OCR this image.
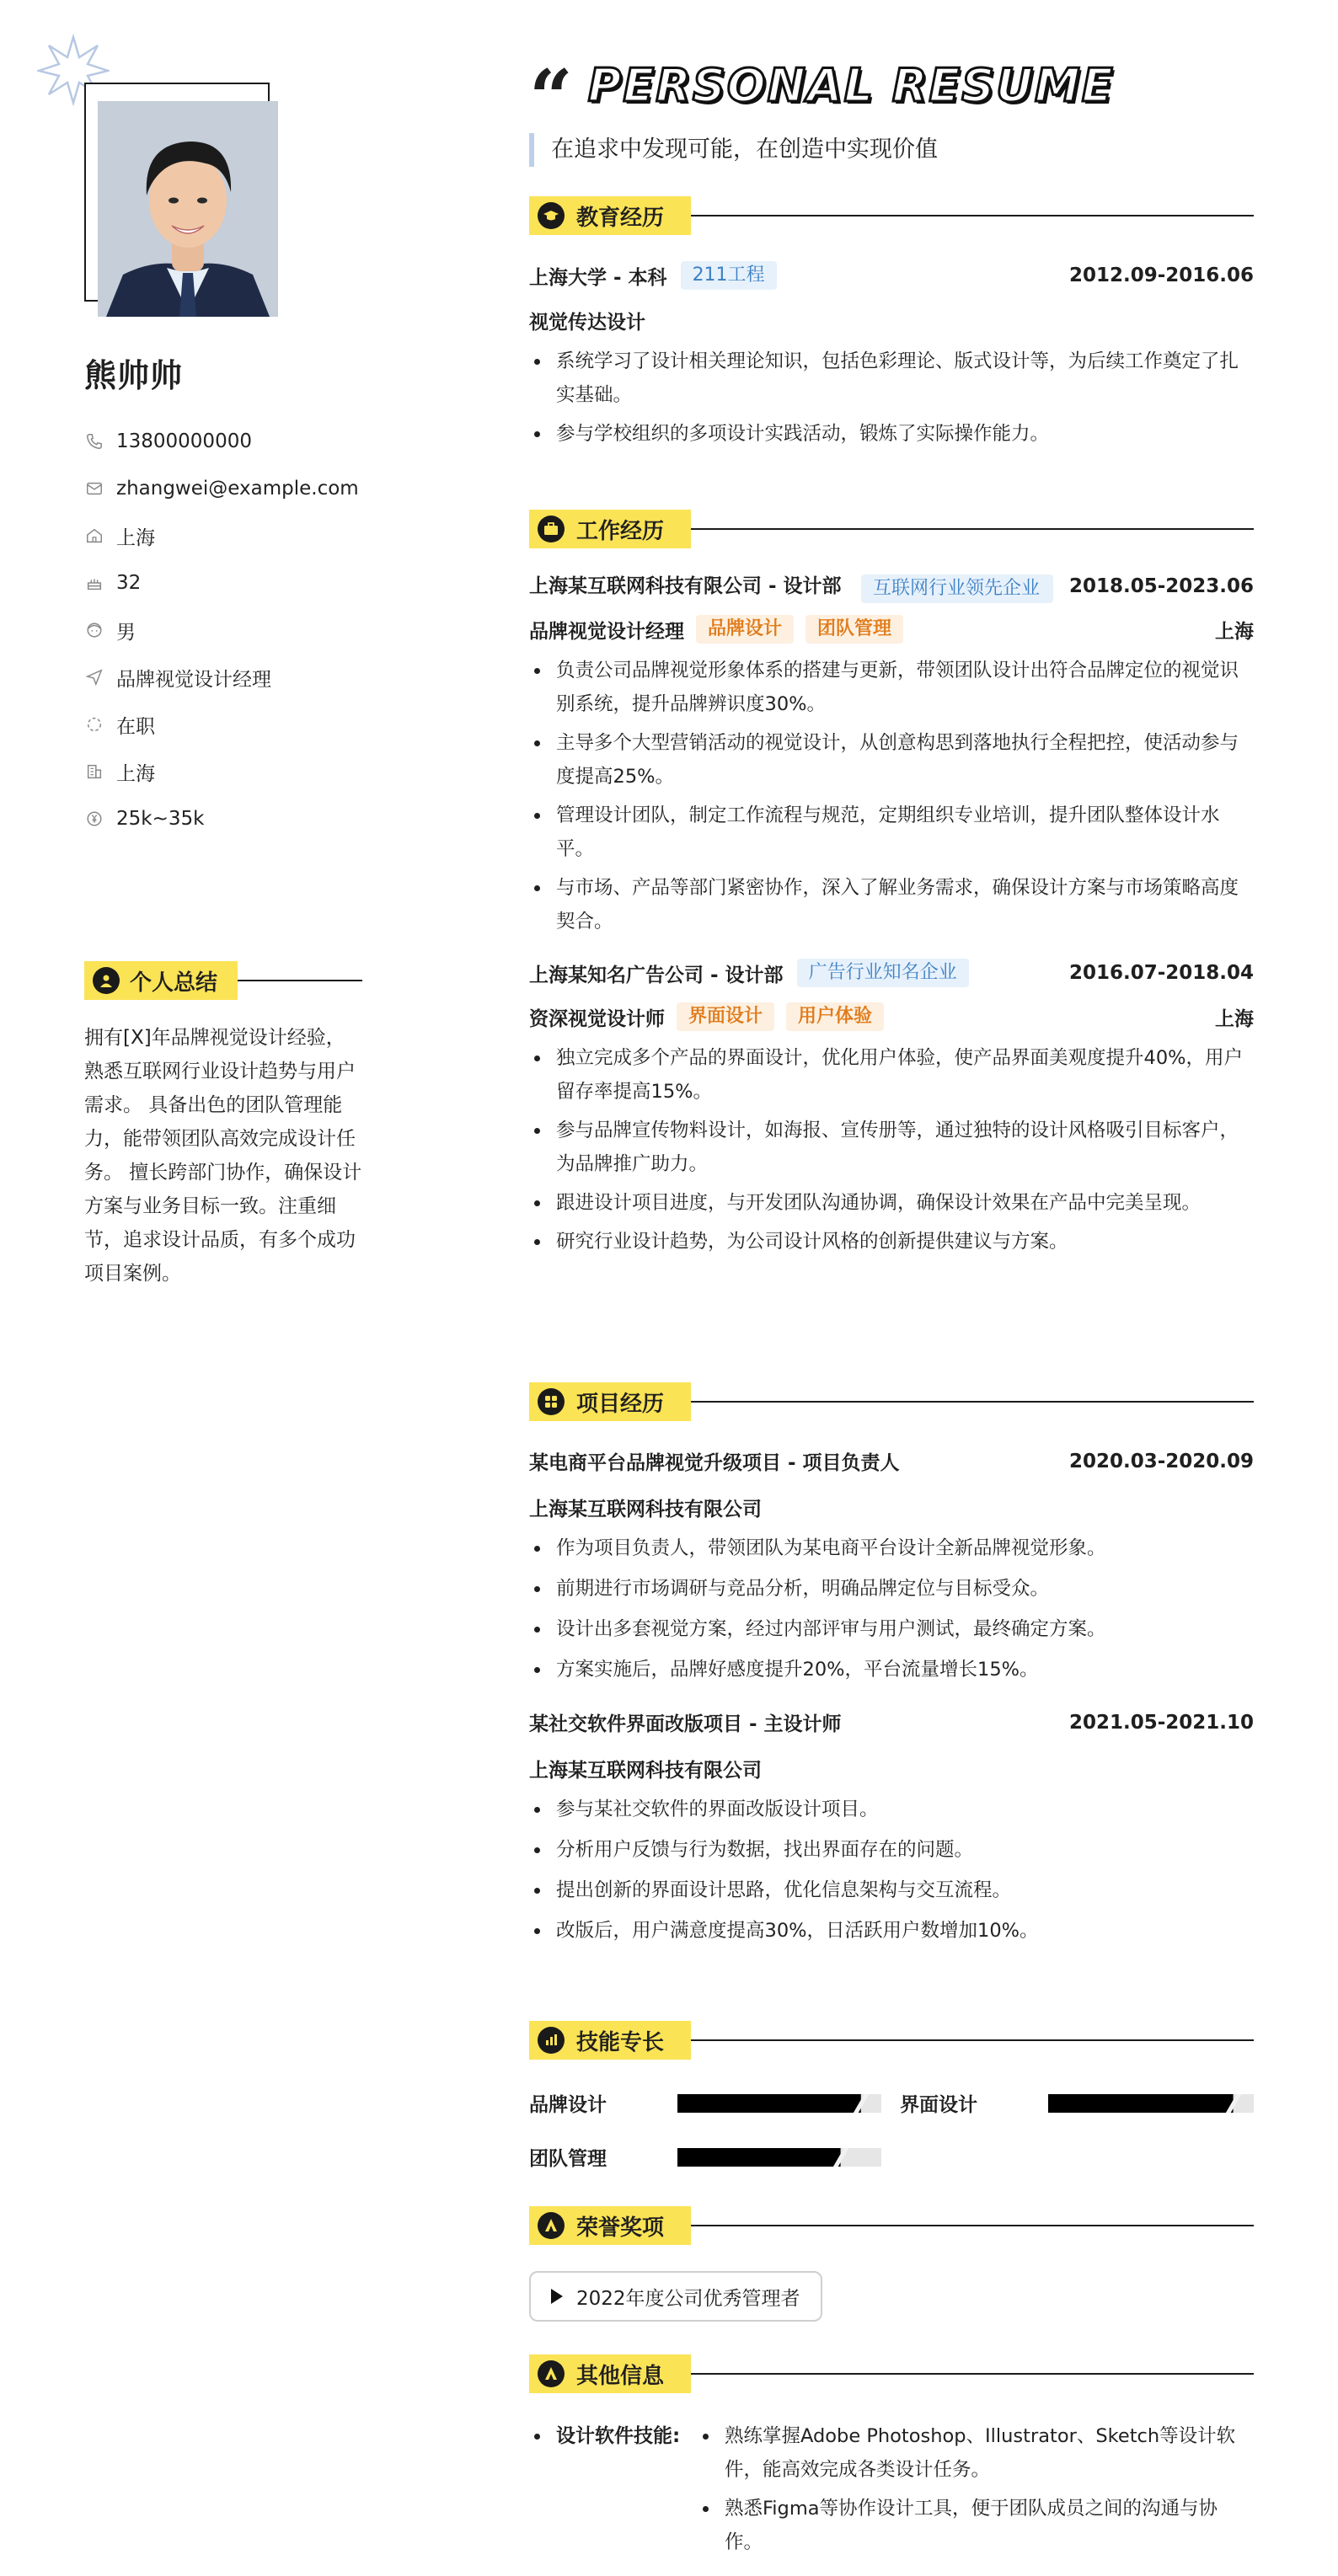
熊帅帅
13800000000
zhangwei@example.com
上海
32
男
品牌视觉设计经理
在职
上海
25k~35k
个人总结
拥有[X]年品牌视觉设计经验，熟悉互联网行业设计趋势与用户需求。 具备出色的团队管理能力，能带领团队高效完成设计任务。 擅长跨部门协作，确保设计方案与业务目标一致。注重细节，追求设计品质，有多个成功项目案例。
“ PERSONAL RESUME
在追求中发现可能，在创造中实现价值
教育经历
上海大学 - 本科	211工程	2012.09-2016.06
视觉传达设计
系统学习了设计相关理论知识，包括色彩理论、版式设计等，为后续工作奠定了扎实基础。
参与学校组织的多项设计实践活动，锻炼了实际操作能力。
工作经历
上海某互联网科技有限公司 - 设计部	互联网行业领先企业	2018.05-2023.06
品牌视觉设计经理	品牌设计	团队管理	上海
负责公司品牌视觉形象体系的搭建与更新，带领团队设计出符合品牌定位的视觉识别系统，提升品牌辨识度30%。
主导多个大型营销活动的视觉设计，从创意构思到落地执行全程把控，使活动参与度提高25%。
管理设计团队，制定工作流程与规范，定期组织专业培训，提升团队整体设计水平。
与市场、产品等部门紧密协作，深入了解业务需求，确保设计方案与市场策略高度契合。
上海某知名广告公司 - 设计部	广告行业知名企业	2016.07-2018.04
资深视觉设计师	界面设计	用户体验	上海
独立完成多个产品的界面设计，优化用户体验，使产品界面美观度提升40%，用户留存率提高15%。
参与品牌宣传物料设计，如海报、宣传册等，通过独特的设计风格吸引目标客户，为品牌推广助力。
跟进设计项目进度，与开发团队沟通协调，确保设计效果在产品中完美呈现。
研究行业设计趋势，为公司设计风格的创新提供建议与方案。
项目经历
某电商平台品牌视觉升级项目 - 项目负责人	2020.03-2020.09
上海某互联网科技有限公司
作为项目负责人，带领团队为某电商平台设计全新品牌视觉形象。
前期进行市场调研与竞品分析，明确品牌定位与目标受众。
设计出多套视觉方案，经过内部评审与用户测试，最终确定方案。
方案实施后，品牌好感度提升20%，平台流量增长15%。
某社交软件界面改版项目 - 主设计师	2021.05-2021.10
上海某互联网科技有限公司
参与某社交软件的界面改版设计项目。
分析用户反馈与行为数据，找出界面存在的问题。
提出创新的界面设计思路，优化信息架构与交互流程。
改版后，用户满意度提高30%，日活跃用户数增加10%。
技能专长
品牌设计	界面设计
团队管理
荣誉奖项
2022年度公司优秀管理者
其他信息
设计软件技能:	熟练掌握Adobe Photoshop、Illustrator、Sketch等设计软件，能高效完成各类设计任务。
熟悉Figma等协作设计工具，便于团队成员之间的沟通与协作。
